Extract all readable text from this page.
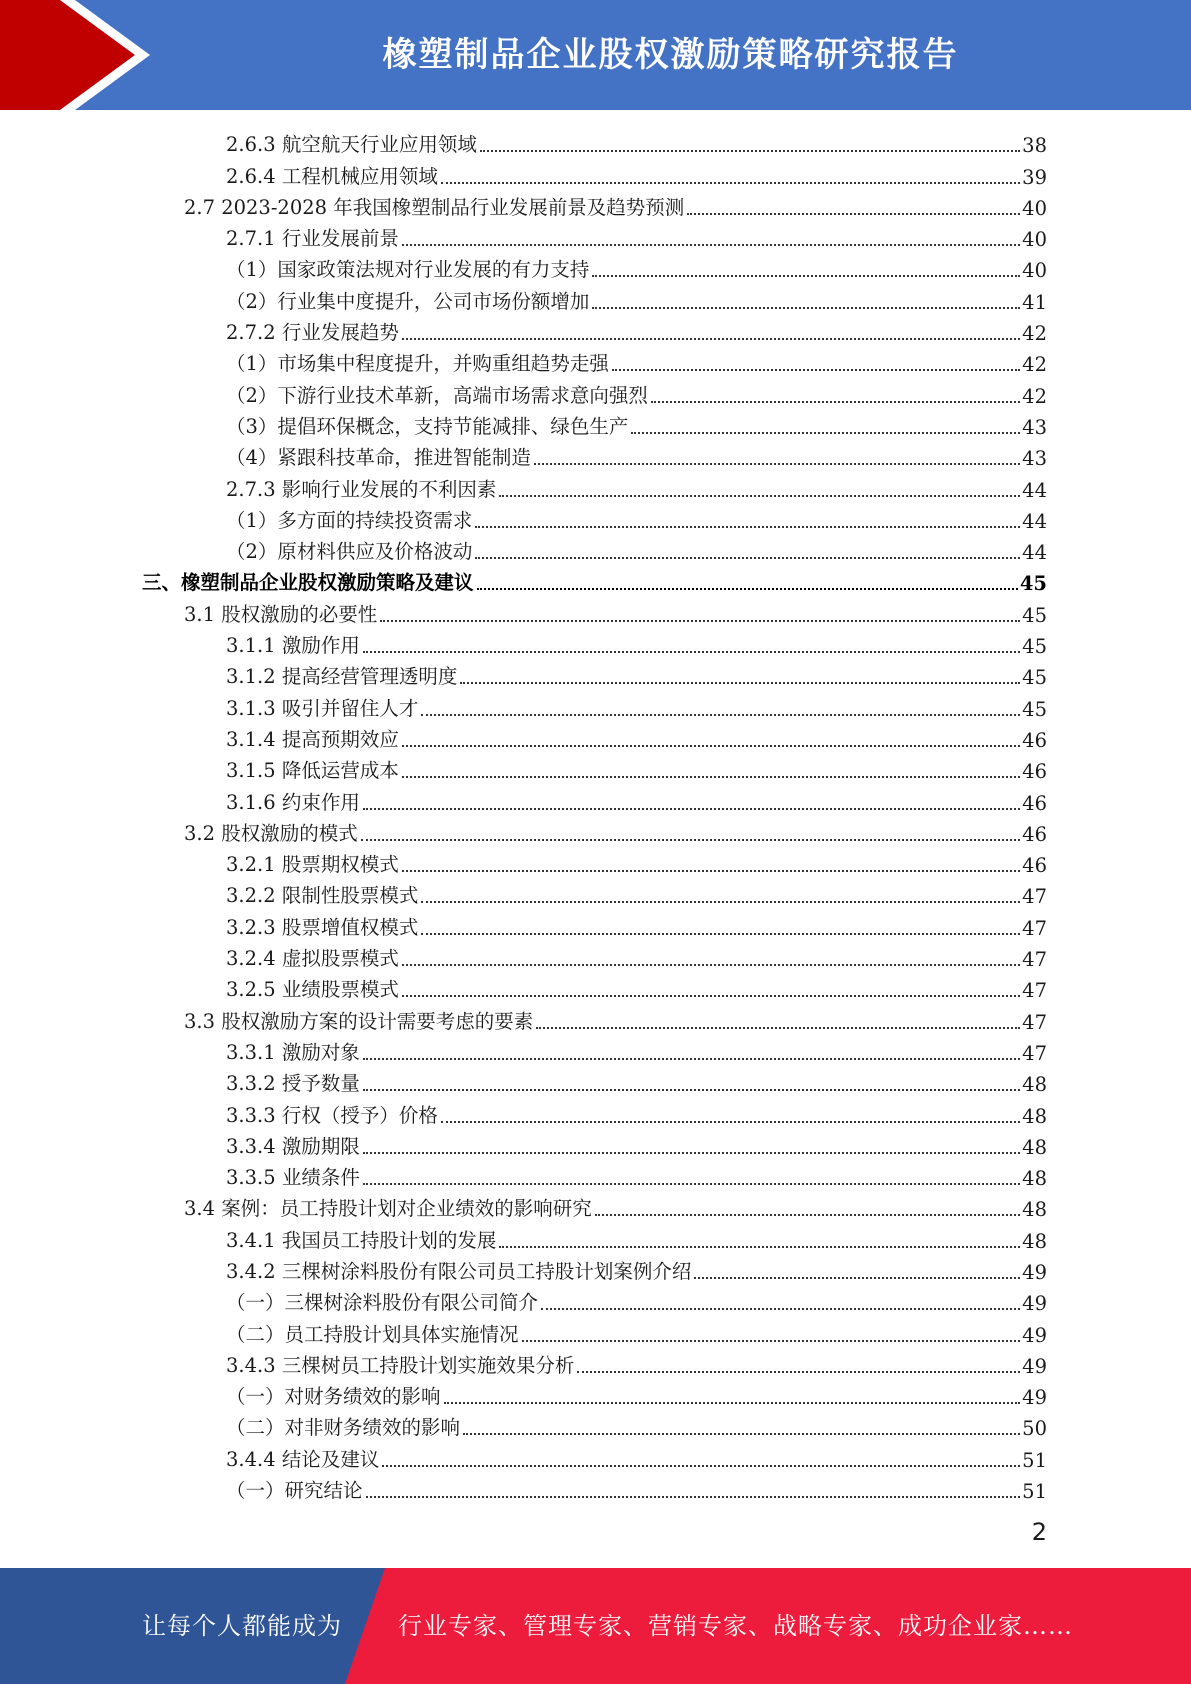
橡塑制品企业股权激励策略研究报告
2.6.3 航空航天行业应用领域	38
2.6.4 工程机械应用领域	39
2.7 2023-2028 年我国橡塑制品行业发展前景及趋势预测	40
2.7.1 行业发展前景	40
（1）国家政策法规对行业发展的有力支持	40
（2）行业集中度提升，公司市场份额增加	41
2.7.2 行业发展趋势	42
（1）市场集中程度提升，并购重组趋势走强	42
（2）下游行业技术革新，高端市场需求意向强烈	42
（3）提倡环保概念，支持节能减排、绿色生产	43
（4）紧跟科技革命，推进智能制造	43
2.7.3 影响行业发展的不利因素	44
（1）多方面的持续投资需求	44
（2）原材料供应及价格波动	44
三、橡塑制品企业股权激励策略及建议	45
3.1 股权激励的必要性	45
3.1.1 激励作用	45
3.1.2 提高经营管理透明度	45
3.1.3 吸引并留住人才	45
3.1.4 提高预期效应	46
3.1.5 降低运营成本	46
3.1.6 约束作用	46
3.2 股权激励的模式	46
3.2.1 股票期权模式	46
3.2.2 限制性股票模式	47
3.2.3 股票增值权模式	47
3.2.4 虚拟股票模式	47
3.2.5 业绩股票模式	47
3.3 股权激励方案的设计需要考虑的要素	47
3.3.1 激励对象	47
3.3.2 授予数量	48
3.3.3 行权（授予）价格	48
3.3.4 激励期限	48
3.3.5 业绩条件	48
3.4 案例：员工持股计划对企业绩效的影响研究	48
3.4.1 我国员工持股计划的发展	48
3.4.2 三棵树涂料股份有限公司员工持股计划案例介绍	49
（一）三棵树涂料股份有限公司简介	49
（二）员工持股计划具体实施情况	49
3.4.3 三棵树员工持股计划实施效果分析	49
（一）对财务绩效的影响	49
（二）对非财务绩效的影响	50
3.4.4 结论及建议	51
（一）研究结论	51
2
让每个人都能成为 行业专家、管理专家、营销专家、战略专家、成功企业家……
